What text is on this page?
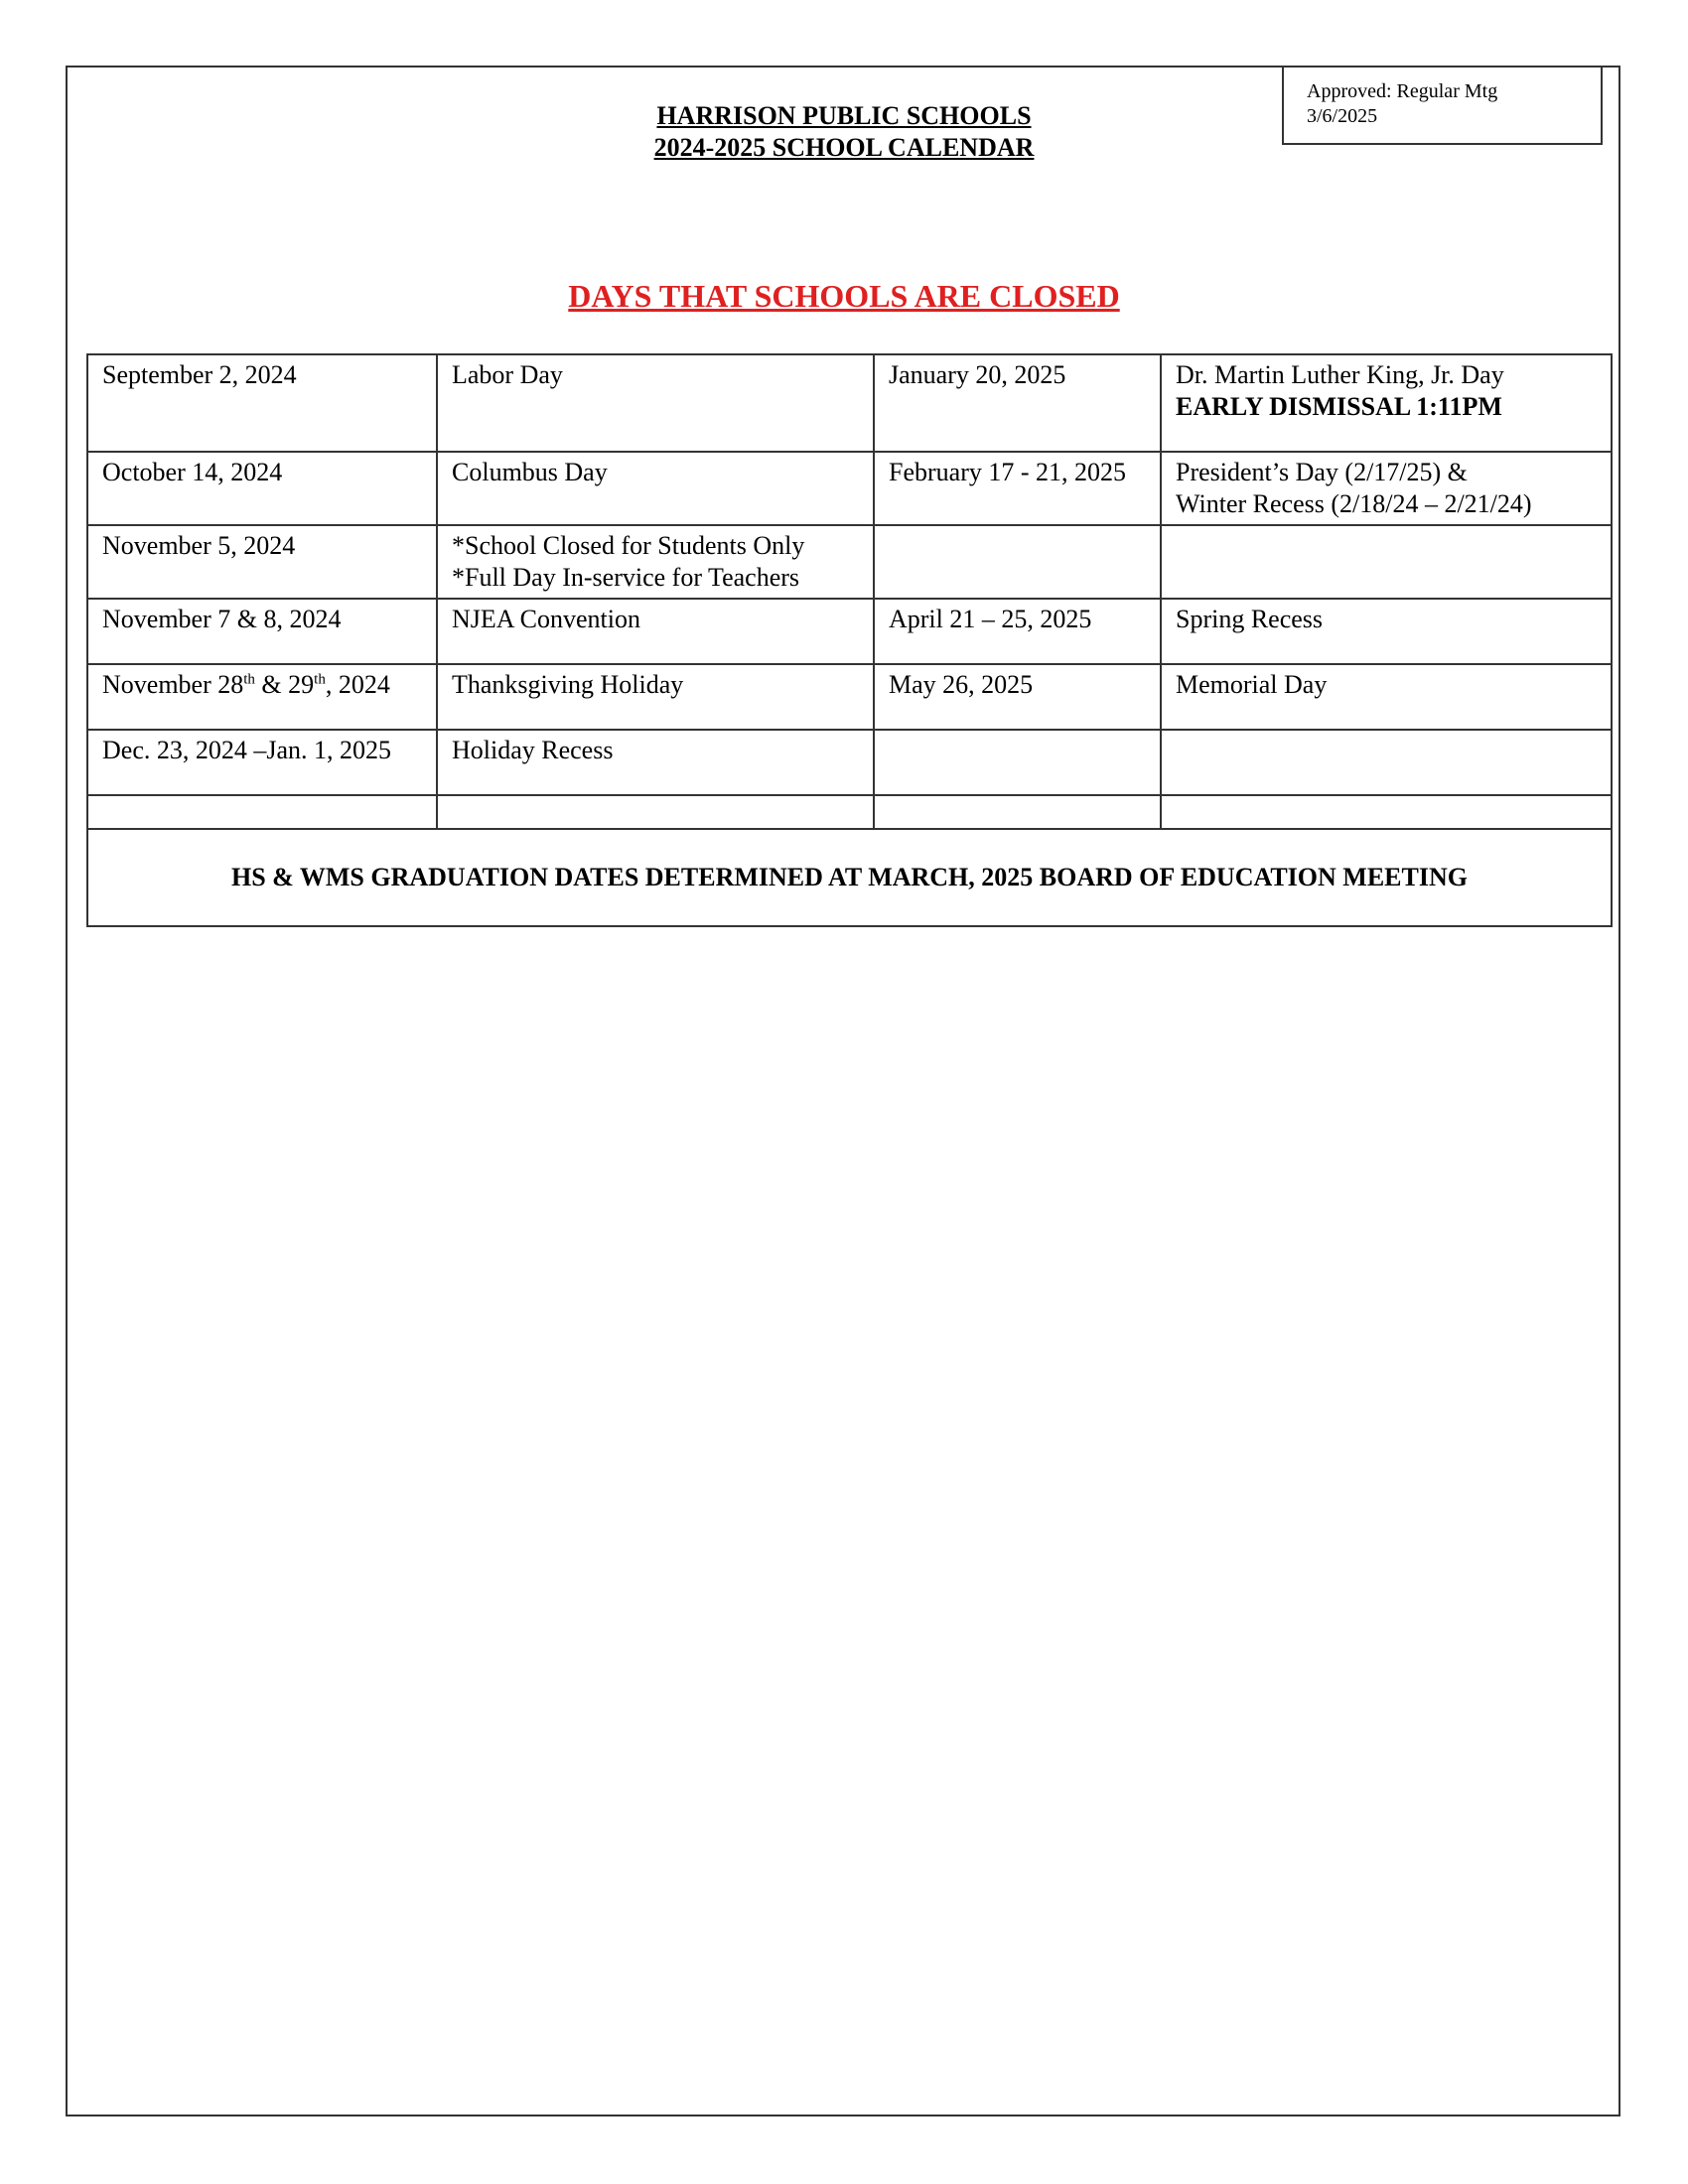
Approved: Regular Mtg
3/6/2025
HARRISON PUBLIC SCHOOLS
2024-2025 SCHOOL CALENDAR
DAYS THAT SCHOOLS ARE CLOSED
September 2, 2024	Labor Day	January 20, 2025	Dr. Martin Luther King, Jr. Day
EARLY DISMISSAL 1:11PM

October 14, 2024	Columbus Day	February 17 - 21, 2025	President’s Day (2/17/25) &
Winter Recess (2/18/24 – 2/21/24)

November 5, 2024	*School Closed for Students Only
*Full Day In-service for Teachers		

November 7 & 8, 2024	NJEA Convention	April 21 – 25, 2025	Spring Recess
November 28th & 29th, 2024	Thanksgiving Holiday	May 26, 2025	Memorial Day
Dec. 23, 2024 –Jan. 1, 2025	Holiday Recess		

HS & WMS GRADUATION DATES DETERMINED AT MARCH, 2025 BOARD OF EDUCATION MEETING			
